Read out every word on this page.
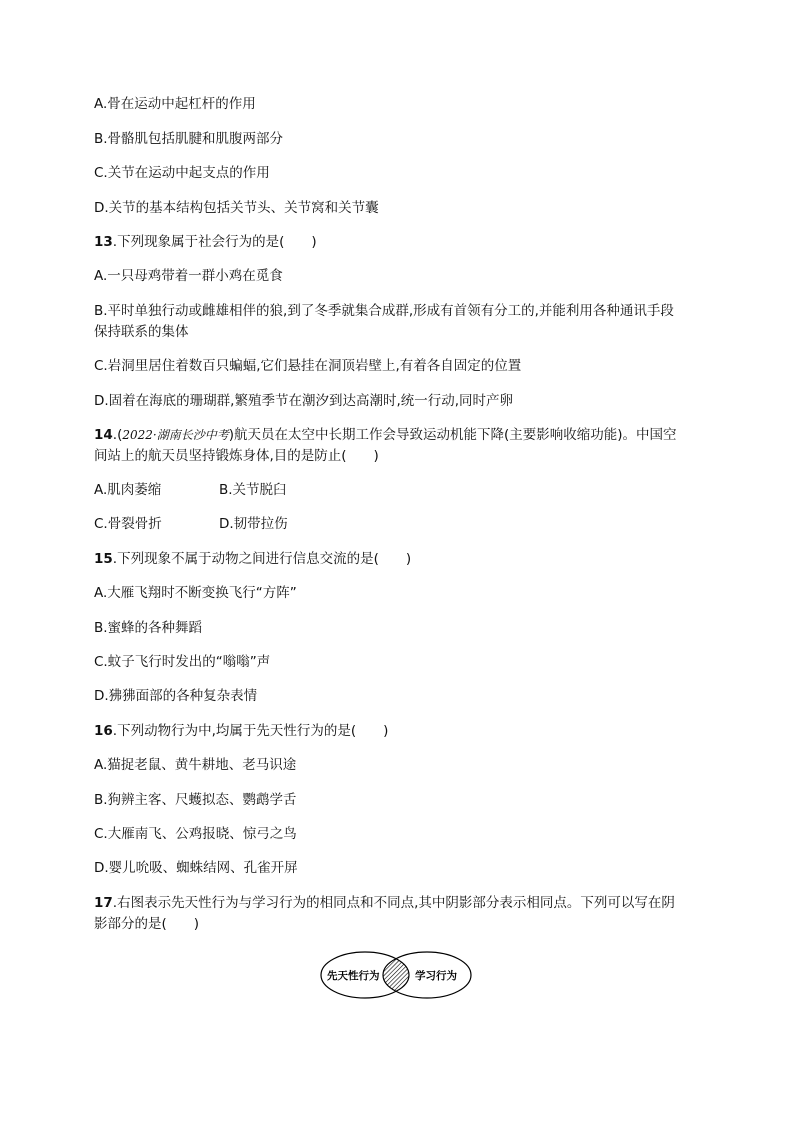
A.骨在运动中起杠杆的作用
B.骨骼肌包括肌腱和肌腹两部分
C.关节在运动中起支点的作用
D.关节的基本结构包括关节头、关节窝和关节囊
13.下列现象属于社会行为的是(　　)
A.一只母鸡带着一群小鸡在觅食
B.平时单独行动或雌雄相伴的狼,到了冬季就集合成群,形成有首领有分工的,并能利用各种通讯手段
保持联系的集体
C.岩洞里居住着数百只蝙蝠,它们悬挂在洞顶岩壁上,有着各自固定的位置
D.固着在海底的珊瑚群,繁殖季节在潮汐到达高潮时,统一行动,同时产卵
14.(2022·湖南长沙中考)航天员在太空中长期工作会导致运动机能下降(主要影响收缩功能)。中国空
间站上的航天员坚持锻炼身体,目的是防止(　　)
A.肌肉萎缩	B.关节脱臼
C.骨裂骨折	D.韧带拉伤
15.下列现象不属于动物之间进行信息交流的是(　　)
A.大雁飞翔时不断变换飞行“方阵”
B.蜜蜂的各种舞蹈
C.蚊子飞行时发出的“嗡嗡”声
D.狒狒面部的各种复杂表情
16.下列动物行为中,均属于先天性行为的是(　　)
A.猫捉老鼠、黄牛耕地、老马识途
B.狗辨主客、尺蠖拟态、鹦鹉学舌
C.大雁南飞、公鸡报晓、惊弓之鸟
D.婴儿吮吸、蜘蛛结网、孔雀开屏
17.右图表示先天性行为与学习行为的相同点和不同点,其中阴影部分表示相同点。下列可以写在阴
影部分的是(　　)
先天性行为	学习行为
